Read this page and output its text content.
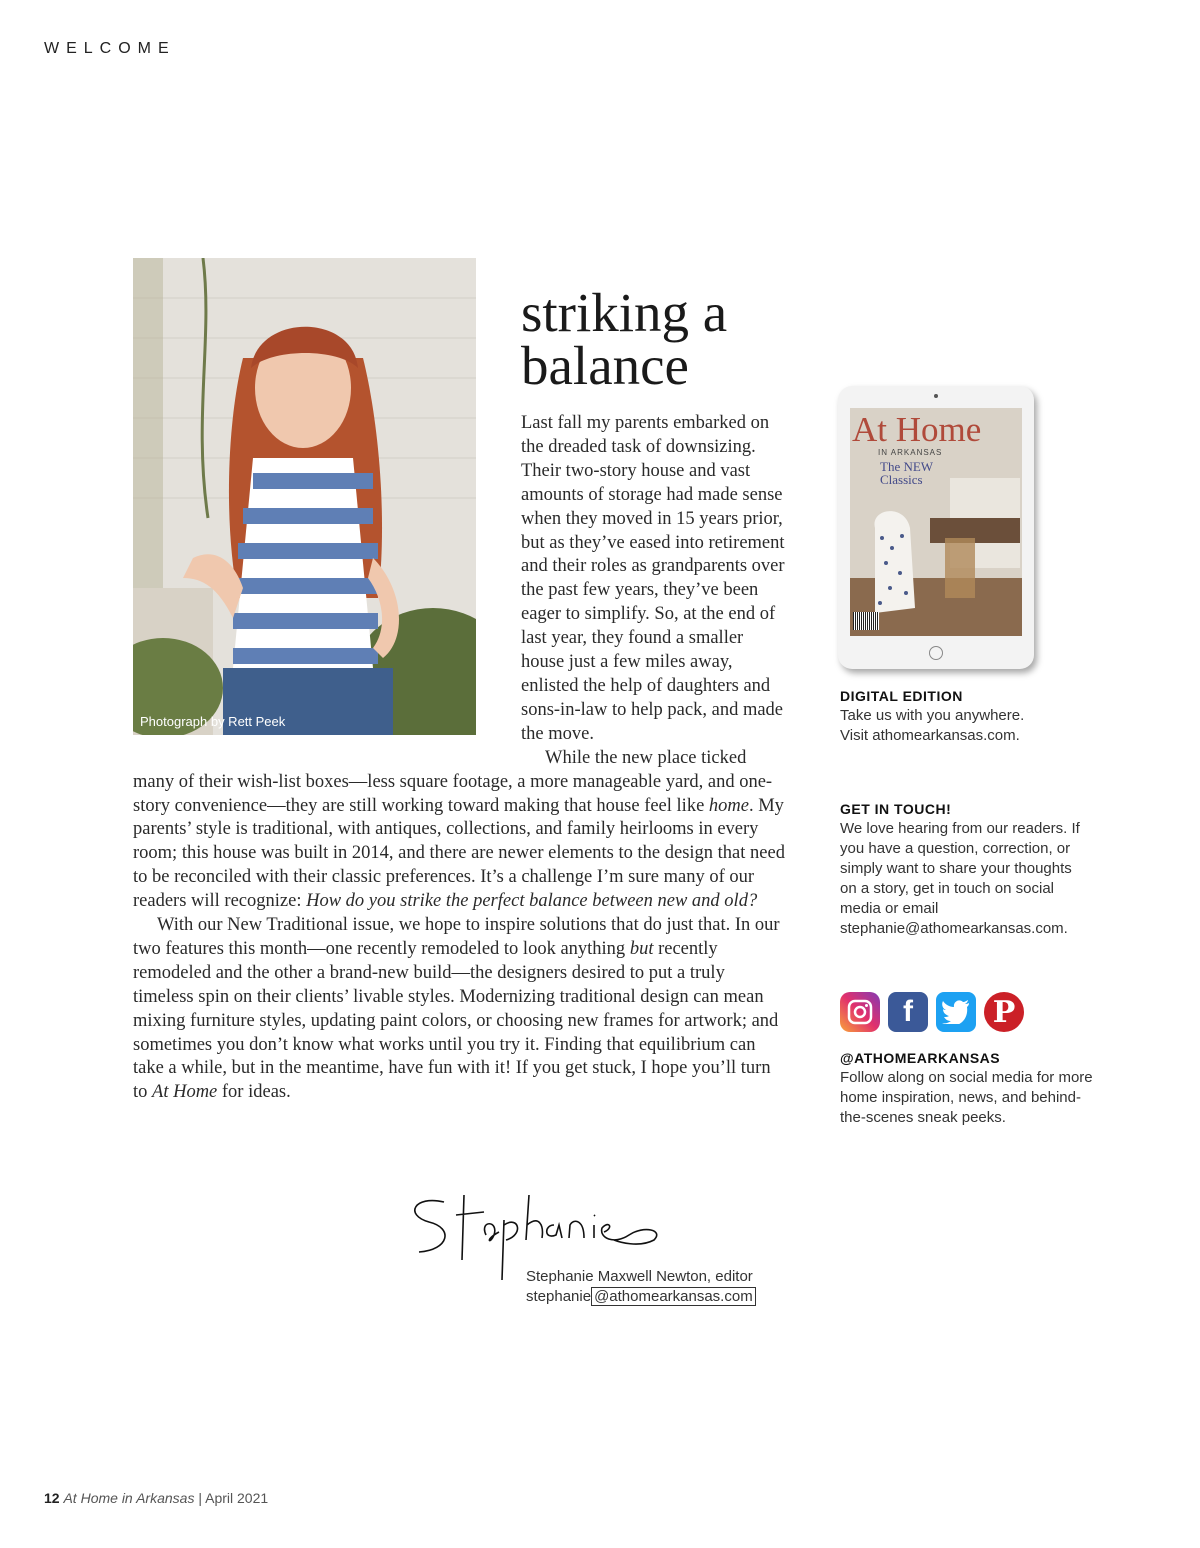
WELCOME
Photograph by Rett Peek
striking a balance

Last fall my parents embarked on the dreaded task of downsizing. Their two-story house and vast amounts of storage had made sense when they moved in 15 years prior, but as they’ve eased into retirement and their roles as grandparents over the past few years, they’ve been eager to simplify. So, at the end of last year, they found a smaller house just a few miles away, enlisted the help of daughters and sons-in-law to help pack, and made the move.

While the new place ticked many of their wish-list boxes—less square footage, a more manageable yard, and one-story convenience—they are still working toward making that house feel like home. My parents’ style is traditional, with antiques, collections, and family heirlooms in every room; this house was built in 2014, and there are newer elements to the design that need to be reconciled with their classic preferences. It’s a challenge I’m sure many of our readers will recognize: How do you strike the perfect balance between new and old?

With our New Traditional issue, we hope to inspire solutions that do just that. In our two features this month—one recently remodeled to look anything but recently remodeled and the other a brand-new build—the designers desired to put a truly timeless spin on their clients’ livable styles. Modernizing traditional design can mean mixing furniture styles, updating paint colors, or choosing new frames for artwork; and sometimes you don’t know what works until you try it. Finding that equilibrium can take a while, but in the meantime, have fun with it! If you get stuck, I hope you’ll turn to At Home for ideas.

Stephanie Maxwell Newton, editor
stephanie @athomearkansas.com
At Home
IN ARKANSAS
The NEW
Classics
DIGITAL EDITION
Take us with you anywhere.
Visit athomearkansas.com.
GET IN TOUCH!
We love hearing from our readers. If you have a question, correction, or simply want to share your thoughts on a story, get in touch on social media or email stephanie@athomearkansas.com.
f	P
@ATHOMEARKANSAS
Follow along on social media for more home inspiration, news, and behind-the-scenes sneak peeks.
12 At Home in Arkansas | April 2021
